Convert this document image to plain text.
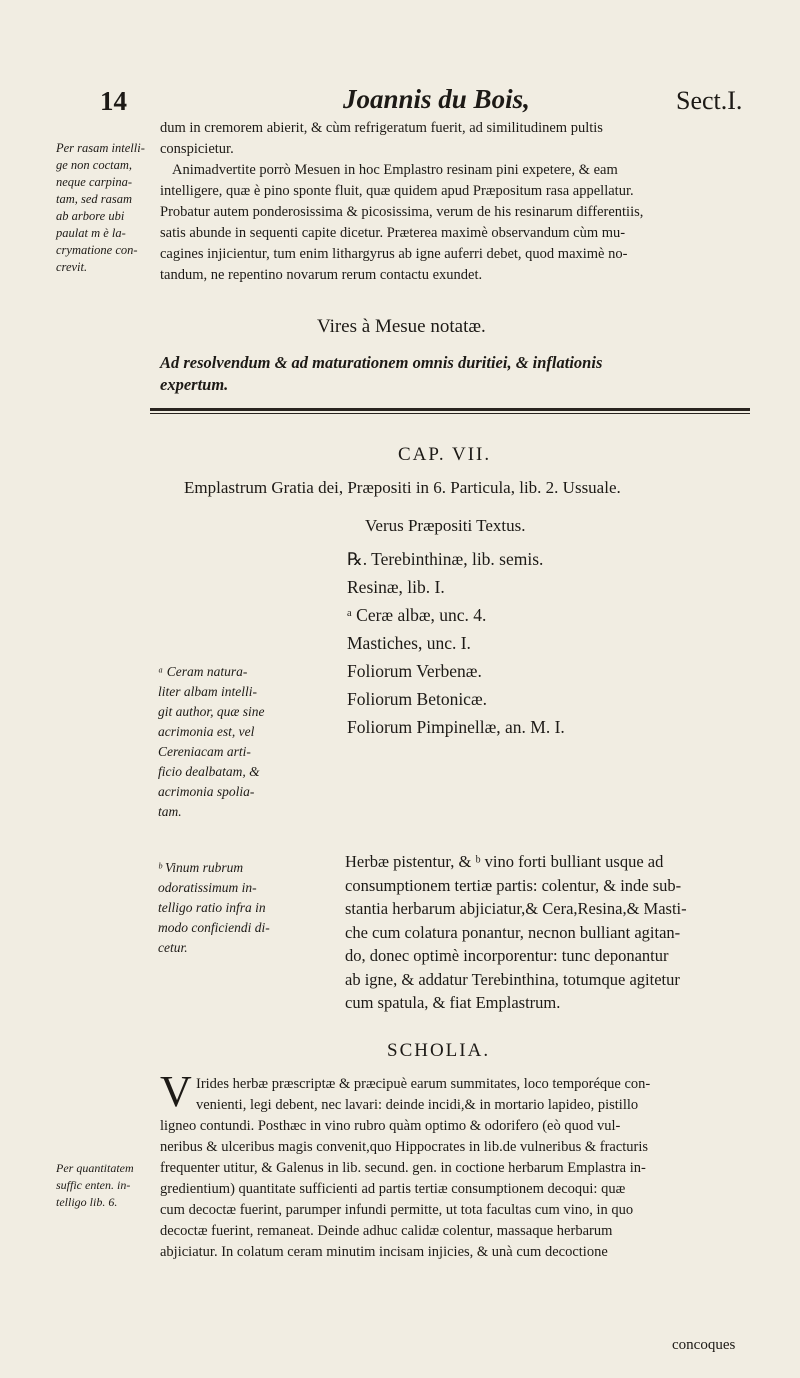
14	Joannis du Bois,	Sect.I.
dum in cremorem abierit, & cùm refrigeratum fuerit, ad similitudinem pultis
conspicietur.
Animadvertite porrò Mesuen in hoc Emplastro resinam pini expetere, & eam
intelligere, quæ è pino sponte fluit, quæ quidem apud Præpositum rasa appellatur.
Probatur autem ponderosissima & picosissima, verum de his resinarum differentiis,
satis abunde in sequenti capite dicetur. Præterea maximè observandum cùm mu-
cagines injicientur, tum enim lithargyrus ab igne auferri debet, quod maximè no-
tandum, ne repentino novarum rerum contactu exundet.
Per rasam intelli-
ge non coctam,
neque carpina-
tam, sed rasam
ab arbore ubi
paulat m è la-
crymatione con-
crevit.
Vires à Mesue notatæ.
Ad resolvendum & ad maturationem omnis duritiei, & inflationis
expertum.
CAP. VII.
Emplastrum Gratia dei, Præpositi in 6. Particula, lib. 2. Ussuale.
Verus Præpositi Textus.
℞. Terebinthinæ, lib. semis.
Resinæ, lib. I.
ᵃ Ceræ albæ, unc. 4.
Mastiches, unc. I.
Foliorum Verbenæ.
Foliorum Betonicæ.
Foliorum Pimpinellæ, an. M. I.
ᵃ Ceram natura-
liter albam intelli-
git author, quæ sine
acrimonia est, vel
Cereniacam arti-
ficio dealbatam, &
acrimonia spolia-
tam.
ᵇ Vinum rubrum
odoratissimum in-
telligo ratio infra in
modo conficiendi di-
cetur.
Herbæ pistentur, & ᵇ vino forti bulliant usque ad
consumptionem tertiæ partis: colentur, & inde sub-
stantia herbarum abjiciatur,& Cera,Resina,& Masti-
che cum colatura ponantur, necnon bulliant agitan-
do, donec optimè incorporentur: tunc deponantur
ab igne, & addatur Terebinthina, totumque agitetur
cum spatula, & fiat Emplastrum.
SCHOLIA.
V Irides herbæ præscriptæ & præcipuè earum summitates, loco temporéque con-
venienti, legi debent, nec lavari: deinde incidi,& in mortario lapideo, pistillo
ligneo contundi. Posthæc in vino rubro quàm optimo & odorifero (eò quod vul-
neribus & ulceribus magis convenit,quo Hippocrates in lib.de vulneribus & fracturis
frequenter utitur, & Galenus in lib. secund. gen. in coctione herbarum Emplastra in-
gredientium) quantitate sufficienti ad partis tertiæ consumptionem decoqui: quæ
cum decoctæ fuerint, parumper infundi permitte, ut tota facultas cum vino, in quo
decoctæ fuerint, remaneat. Deinde adhuc calidæ colentur, massaque herbarum
abjiciatur. In colatum ceram minutim incisam injicies, & unà cum decoctione
concoques
Per quantitatem
suffic enten. in-
telligo lib. 6.
